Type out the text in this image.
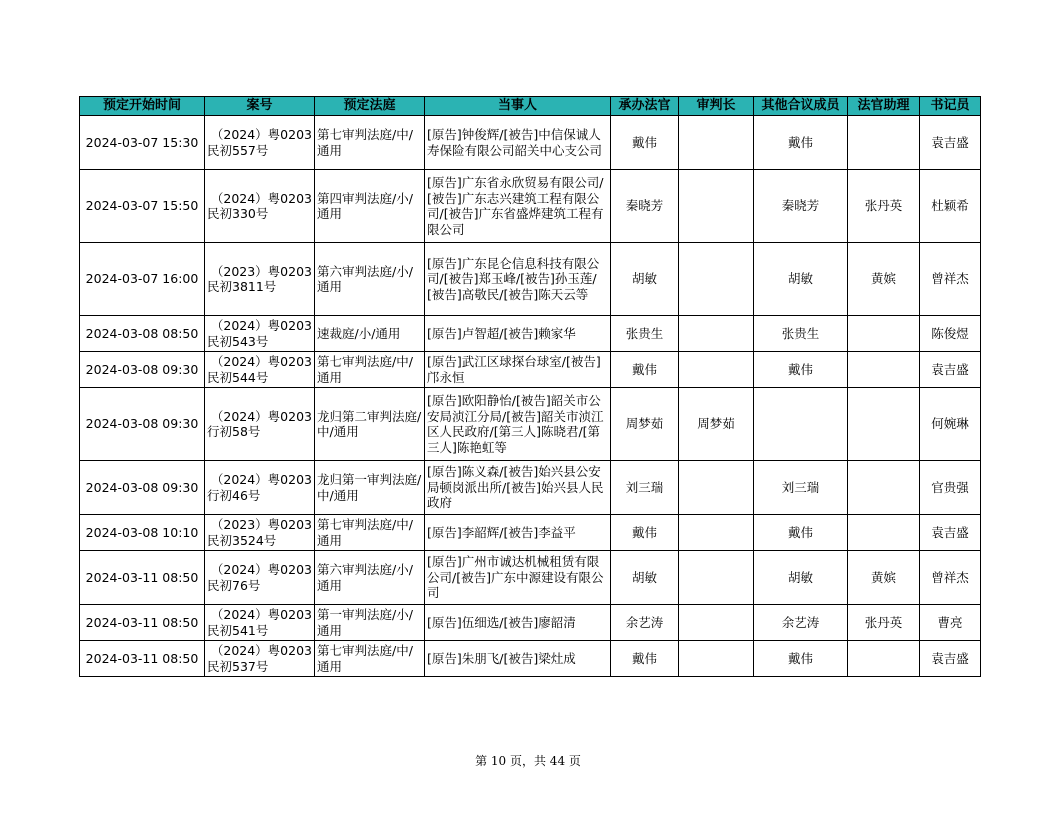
预定开始时间	案号	预定法庭	当事人	承办法官	审判长	其他合议成员	法官助理	书记员
2024-03-07 15:30	（2024）粤0203
民初557号	第七审判法庭/中/通用	[原告]钟俊辉/[被告]中信保诚人寿保险有限公司韶关中心支公司	戴伟		戴伟		袁吉盛
2024-03-07 15:50	（2024）粤0203
民初330号	第四审判法庭/小/通用	[原告]广东省永欣贸易有限公司/[被告]广东志兴建筑工程有限公司/[被告]广东省盛烨建筑工程有限公司	秦晓芳		秦晓芳	张丹英	杜颖希
2024-03-07 16:00	（2023）粤0203
民初3811号	第六审判法庭/小/通用	[原告]广东昆仑信息科技有限公司/[被告]郑玉峰/[被告]孙玉莲/[被告]高敬民/[被告]陈天云等	胡敏		胡敏	黄嫔	曾祥杰
2024-03-08 08:50	（2024）粤0203
民初543号	速裁庭/小/通用	[原告]卢智超/[被告]赖家华	张贵生		张贵生		陈俊煜
2024-03-08 09:30	（2024）粤0203
民初544号	第七审判法庭/中/通用	[原告]武江区球探台球室/[被告]邝永恒	戴伟		戴伟		袁吉盛
2024-03-08 09:30	（2024）粤0203
行初58号	龙归第二审判法庭/中/通用	[原告]欧阳静怡/[被告]韶关市公安局浈江分局/[被告]韶关市浈江区人民政府/[第三人]陈晓君/[第三人]陈艳虹等	周梦茹	周梦茹			何婉琳
2024-03-08 09:30	（2024）粤0203
行初46号	龙归第一审判法庭/中/通用	[原告]陈义森/[被告]始兴县公安局顿岗派出所/[被告]始兴县人民政府	刘三瑞		刘三瑞		官贵强
2024-03-08 10:10	（2023）粤0203
民初3524号	第七审判法庭/中/通用	[原告]李韶辉/[被告]李益平	戴伟		戴伟		袁吉盛
2024-03-11 08:50	（2024）粤0203
民初76号	第六审判法庭/小/通用	[原告]广州市诚达机械租赁有限公司/[被告]广东中源建设有限公司	胡敏		胡敏	黄嫔	曾祥杰
2024-03-11 08:50	（2024）粤0203
民初541号	第一审判法庭/小/通用	[原告]伍细选/[被告]廖韶清	余艺涛		余艺涛	张丹英	曹亮
2024-03-11 08:50	（2024）粤0203
民初537号	第七审判法庭/中/通用	[原告]朱朋飞/[被告]梁灶成	戴伟		戴伟		袁吉盛
第 10 页，共 44 页
